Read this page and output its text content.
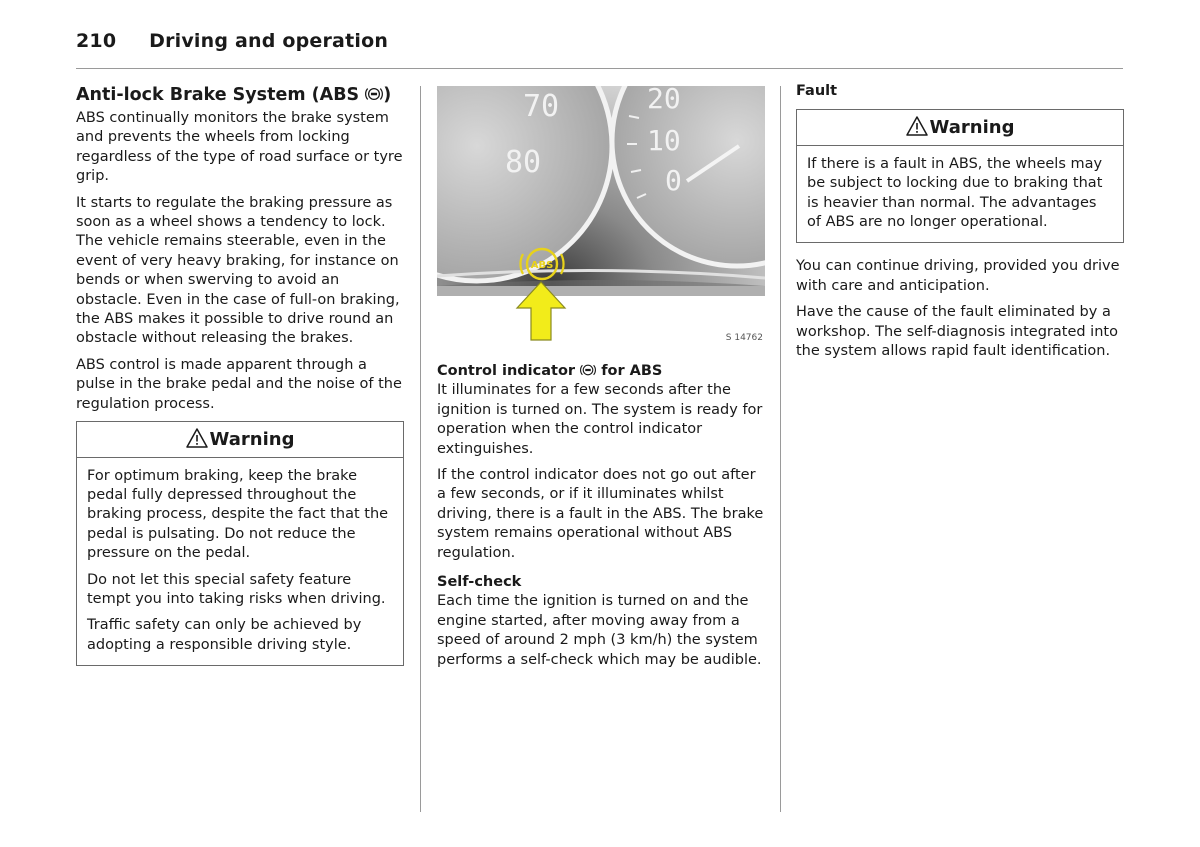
210 Driving and operation
Anti-lock Brake System (ABS )

ABS continually monitors the brake system and prevents the wheels from locking regardless of the type of road surface or tyre grip.

It starts to regulate the braking pressure as soon as a wheel shows a tendency to lock. The vehicle remains steerable, even in the event of very heavy braking, for instance on bends or when swerving to avoid an obstacle. Even in the case of full-on braking, the ABS makes it possible to drive round an obstacle without releasing the brakes.

ABS control is made apparent through a pulse in the brake pedal and the noise of the regulation process.

Warning

For optimum braking, keep the brake pedal fully depressed throughout the braking process, despite the fact that the pedal is pulsating. Do not reduce the pressure on the pedal.

Do not let this special safety feature tempt you into taking risks when driving.

Traffic safety can only be achieved by adopting a responsible driving style.

70
80
20
10
0
ABS
S 14762
Control indicator for ABS

It illuminates for a few seconds after the ignition is turned on. The system is ready for operation when the control indicator extinguishes.

If the control indicator does not go out after a few seconds, or if it illuminates whilst driving, there is a fault in the ABS. The brake system remains operational without ABS regulation.

Self-check

Each time the ignition is turned on and the engine started, after moving away from a speed of around 2 mph (3 km/h) the system performs a self-check which may be audible.

Fault
Warning

If there is a fault in ABS, the wheels may be subject to locking due to braking that is heavier than normal. The advantages of ABS are no longer operational.

You can continue driving, provided you drive with care and anticipation.

Have the cause of the fault eliminated by a workshop. The self-diagnosis integrated into the system allows rapid fault identification.
